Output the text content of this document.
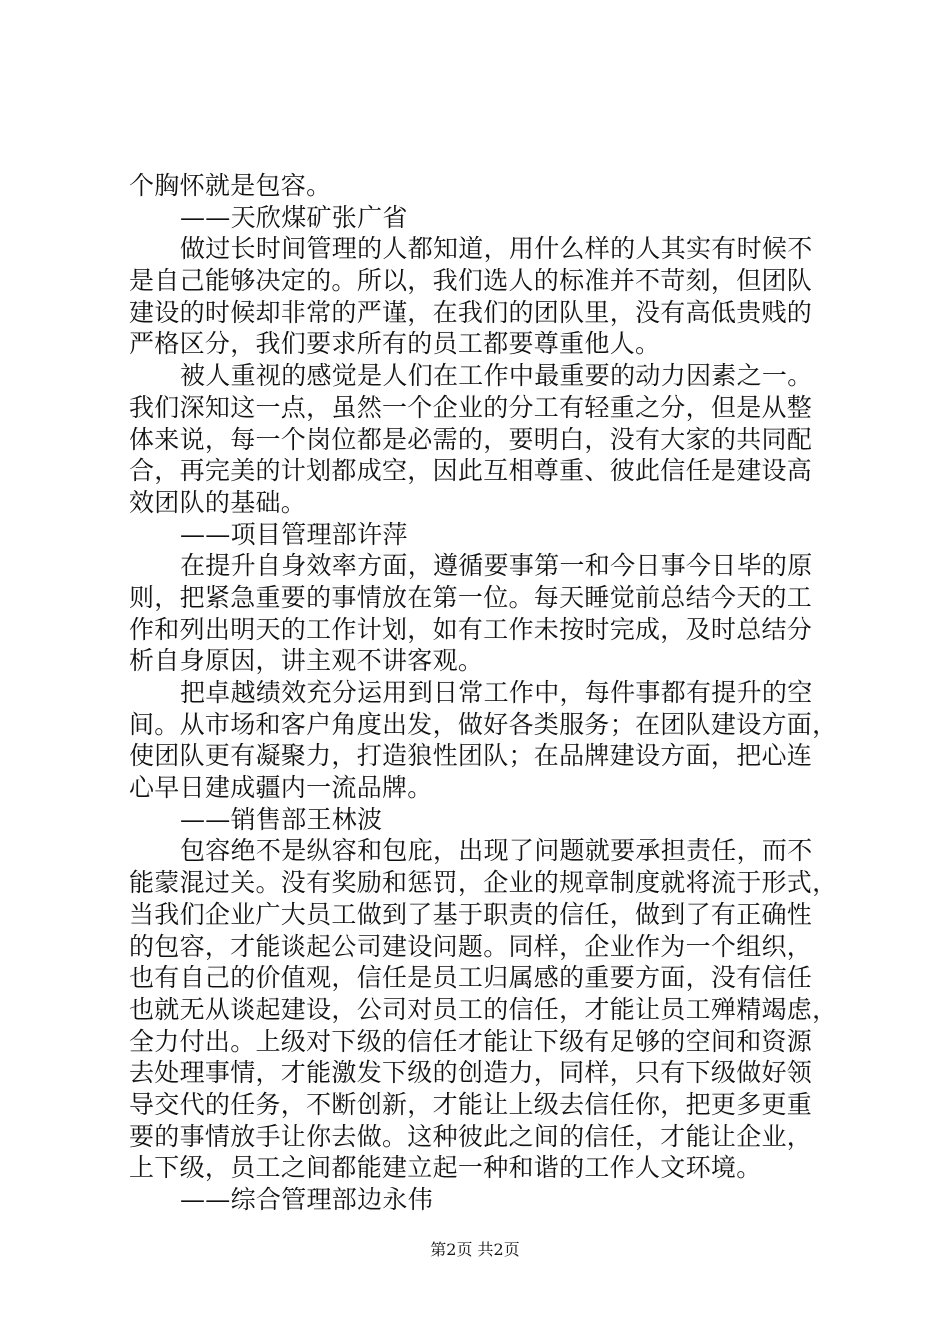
个胸怀就是包容。
——天欣煤矿张广省
做过长时间管理的人都知道，用什么样的人其实有时候不
是自己能够决定的。所以，我们选人的标准并不苛刻，但团队
建设的时候却非常的严谨，在我们的团队里，没有高低贵贱的
严格区分，我们要求所有的员工都要尊重他人。
被人重视的感觉是人们在工作中最重要的动力因素之一。
我们深知这一点，虽然一个企业的分工有轻重之分，但是从整
体来说，每一个岗位都是必需的，要明白，没有大家的共同配
合，再完美的计划都成空，因此互相尊重、彼此信任是建设高
效团队的基础。
——项目管理部许萍
在提升自身效率方面，遵循要事第一和今日事今日毕的原
则，把紧急重要的事情放在第一位。每天睡觉前总结今天的工
作和列出明天的工作计划，如有工作未按时完成，及时总结分
析自身原因，讲主观不讲客观。
把卓越绩效充分运用到日常工作中，每件事都有提升的空
间。从市场和客户角度出发，做好各类服务；在团队建设方面，
使团队更有凝聚力，打造狼性团队；在品牌建设方面，把心连
心早日建成疆内一流品牌。
——销售部王林波
包容绝不是纵容和包庇，出现了问题就要承担责任，而不
能蒙混过关。没有奖励和惩罚，企业的规章制度就将流于形式，
当我们企业广大员工做到了基于职责的信任，做到了有正确性
的包容，才能谈起公司建设问题。同样，企业作为一个组织，
也有自己的价值观，信任是员工归属感的重要方面，没有信任
也就无从谈起建设，公司对员工的信任，才能让员工殚精竭虑，
全力付出。上级对下级的信任才能让下级有足够的空间和资源
去处理事情，才能激发下级的创造力，同样，只有下级做好领
导交代的任务，不断创新，才能让上级去信任你，把更多更重
要的事情放手让你去做。这种彼此之间的信任，才能让企业，
上下级，员工之间都能建立起一种和谐的工作人文环境。
——综合管理部边永伟
第2页 共2页
